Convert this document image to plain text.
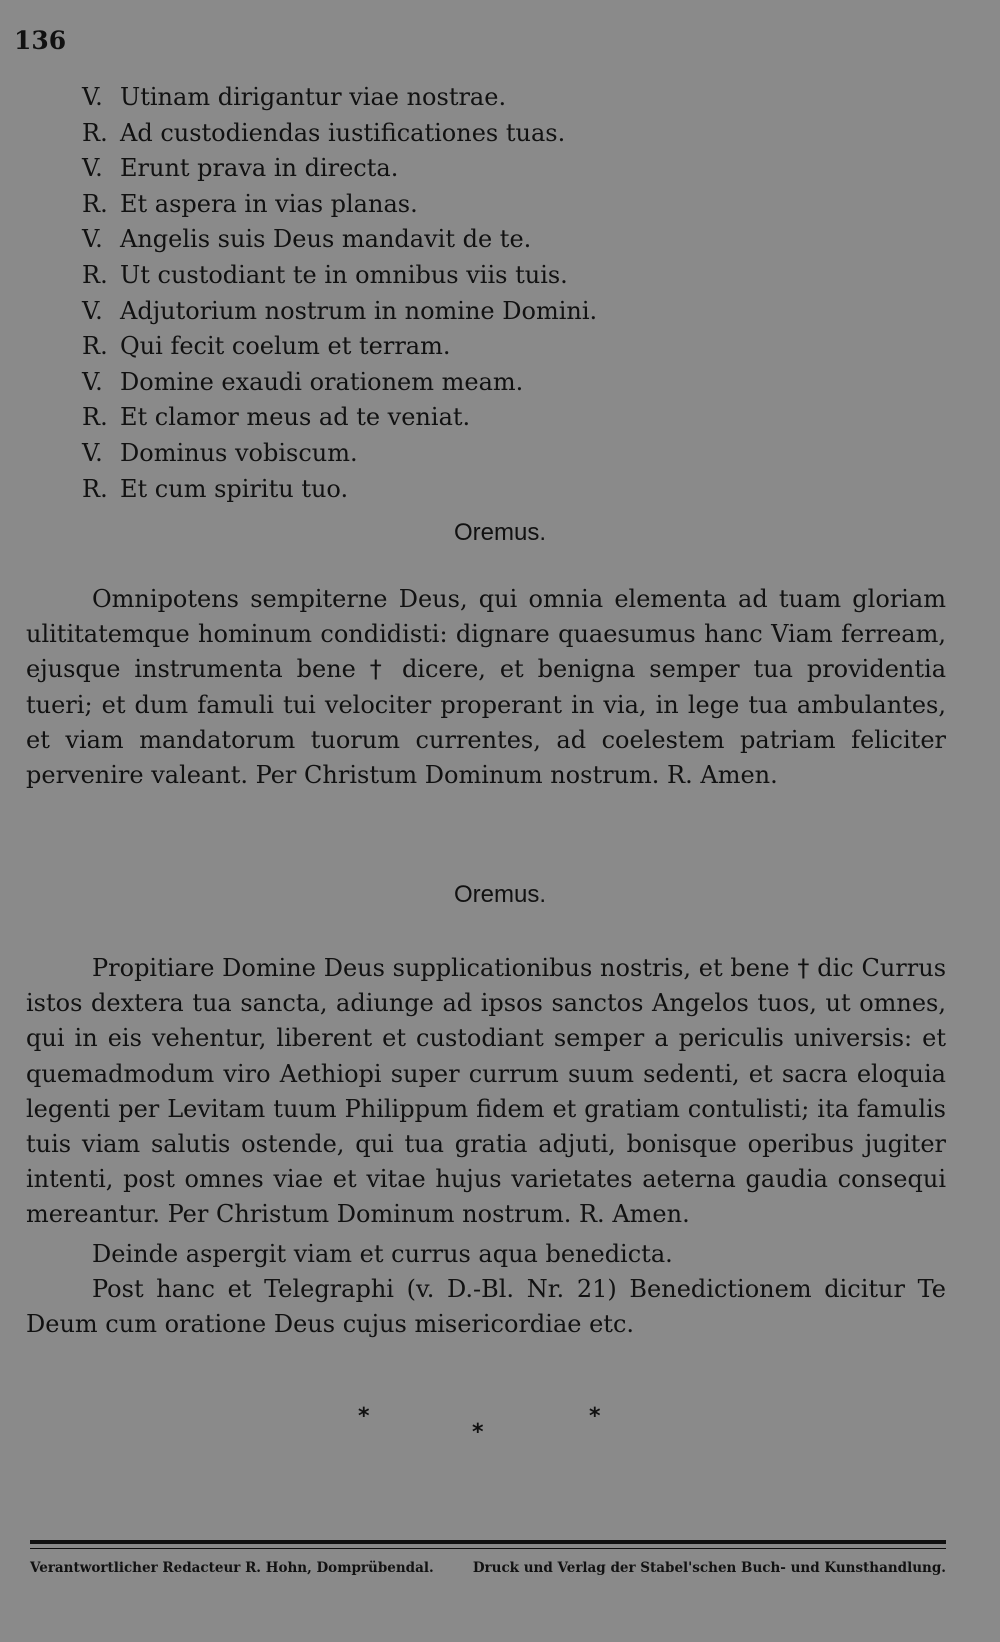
136
V. Utinam dirigantur viae nostrae.
R. Ad custodiendas iustificationes tuas.
V. Erunt prava in directa.
R. Et aspera in vias planas.
V. Angelis suis Deus mandavit de te.
R. Ut custodiant te in omnibus viis tuis.
V. Adjutorium nostrum in nomine Domini.
R. Qui fecit coelum et terram.
V. Domine exaudi orationem meam.
R. Et clamor meus ad te veniat.
V. Dominus vobiscum.
R. Et cum spiritu tuo.
Oremus.

Omnipotens sempiterne Deus, qui omnia elementa ad tuam gloriam ulititatemque hominum condidisti: dignare quaesumus hanc Viam ferream, ejusque instrumenta bene † dicere, et benigna semper tua providentia tueri; et dum famuli tui velociter properant in via, in lege tua ambulantes, et viam mandatorum tuorum currentes, ad coelestem patriam feliciter pervenire valeant. Per Christum Dominum nostrum. R. Amen.

Oremus.

Propitiare Domine Deus supplicationibus nostris, et bene † dic Currus istos dextera tua sancta, adiunge ad ipsos sanctos Angelos tuos, ut omnes, qui in eis vehentur, liberent et custodiant semper a periculis universis: et quemadmodum viro Aethiopi super currum suum sedenti, et sacra eloquia legenti per Levitam tuum Philippum fidem et gratiam contulisti; ita famulis tuis viam salutis ostende, qui tua gratia adjuti, bonisque operibus jugiter intenti, post omnes viae et vitae hujus varietates aeterna gaudia consequi mereantur. Per Christum Dominum nostrum. R. Amen.

Deinde aspergit viam et currus aqua benedicta.

Post hanc et Telegraphi (v. D.-Bl. Nr. 21) Benedictionem dicitur Te Deum cum oratione Deus cujus misericordiae etc.

*
*
*
Verantwortlicher Redacteur R. Hohn, Domprübendal.	Druck und Verlag der Stabel'schen Buch- und Kunsthandlung.
